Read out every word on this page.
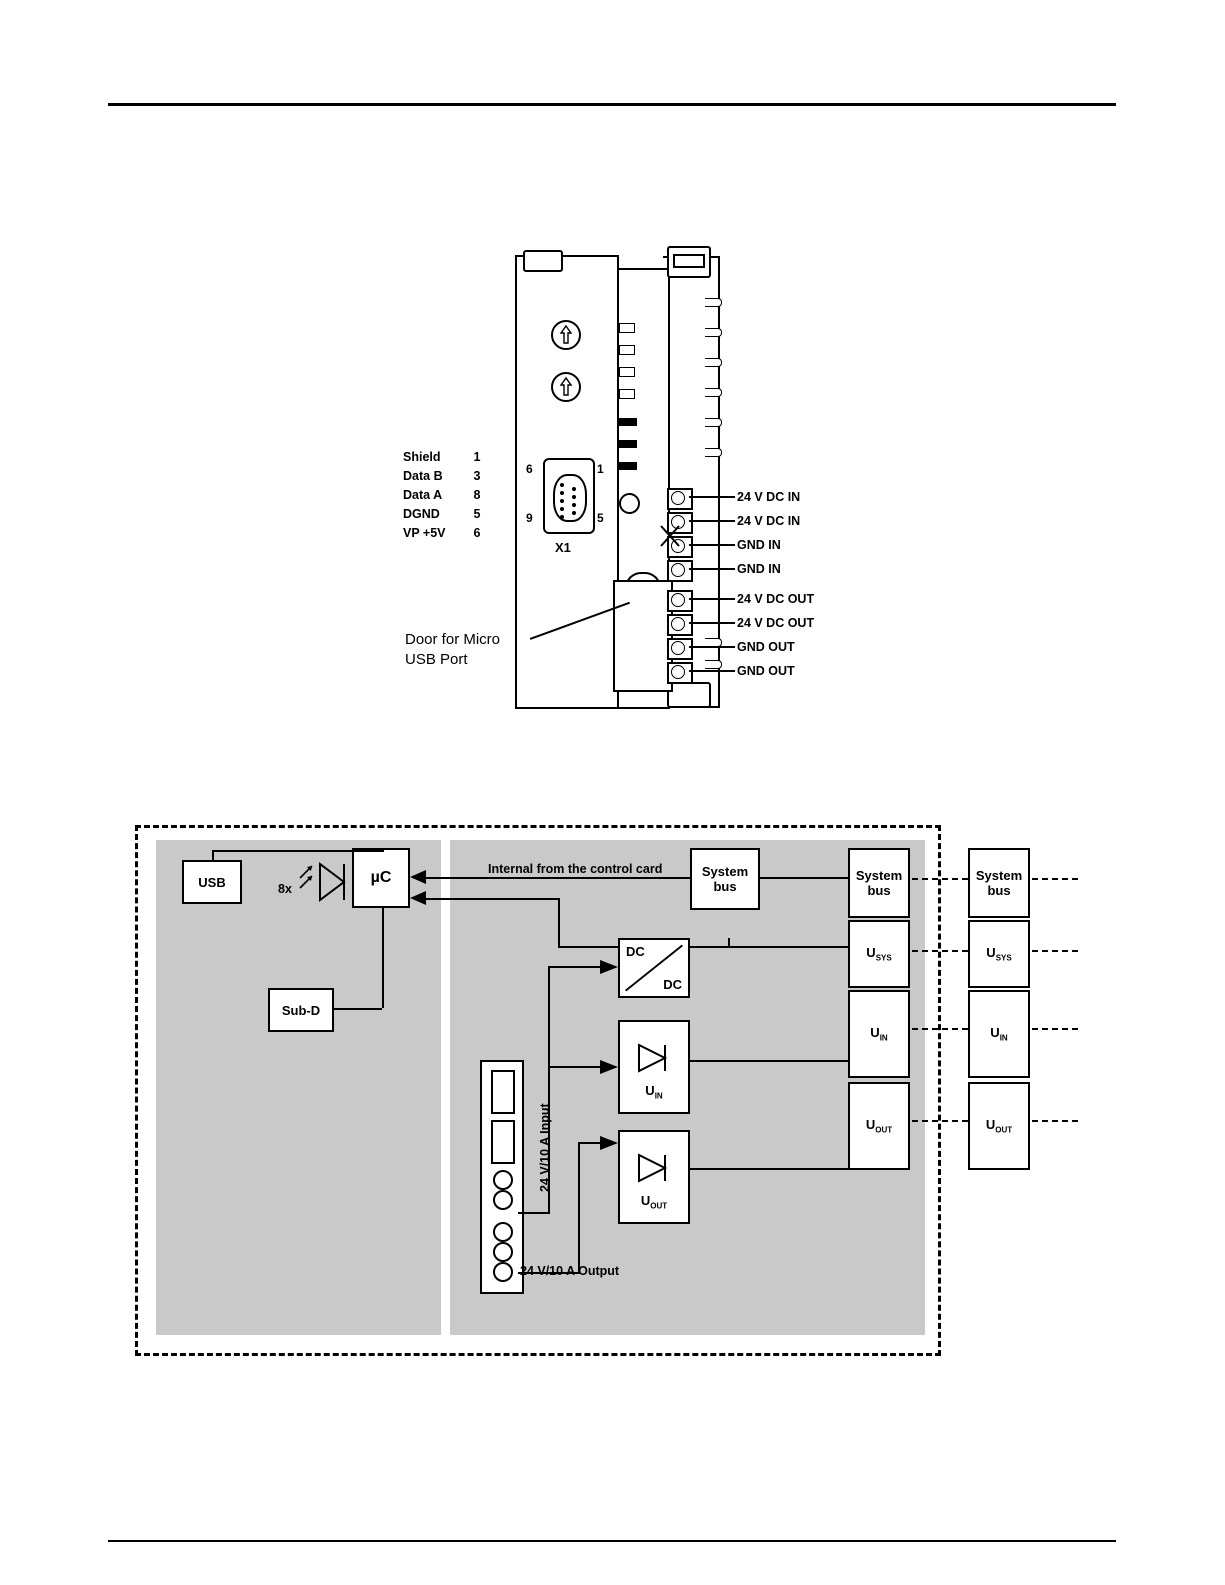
6	1
9	5
X1
Shield	1
Data B	3
Data A	8
DGND	5
VP +5V	6
Door for Micro
USB Port
24 V DC IN
24 V DC IN
GND IN
GND IN
24 V DC OUT
24 V DC OUT
GND OUT
GND OUT
USB	8x
µC
Sub-D
Internal from the control card	System
bus
DC
DC
$U_{IN}$
$U_{OUT}$
24 V/10 A Input
24 V/10 A Output
System
bus
$U_{SYS}$
$U_{IN}$
$U_{OUT}$
System
bus
$U_{SYS}$
$U_{IN}$
$U_{OUT}$
